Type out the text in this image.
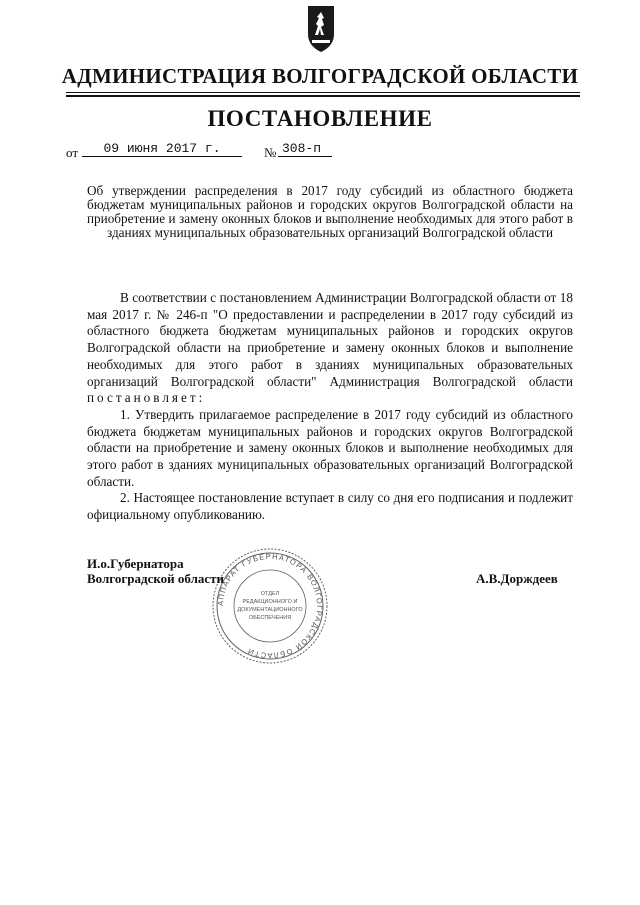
АДМИНИСТРАЦИЯ ВОЛГОГРАДСКОЙ ОБЛАСТИ
ПОСТАНОВЛЕНИЕ
от	09 июня 2017 г.	№ 308-п
Об утверждении распределения в 2017 году субсидий из областного бюджета бюджетам муниципальных районов и городских округов Волгоградской области на приобретение и замену оконных блоков и выполнение необходимых для этого работ в зданиях муниципальных образовательных организаций Волгоградской области

В соответствии с постановлением Администрации Волгоградской области от 18 мая 2017 г. № 246-п "О предоставлении и распределении в 2017 году субсидий из областного бюджета бюджетам муниципальных районов и городских округов Волгоградской области на приобретение и замену оконных блоков и выполнение необходимых для этого работ в зданиях муниципальных образовательных организаций Волгоградской области" Администрация Волгоградской области постановляет:

1. Утвердить прилагаемое распределение в 2017 году субсидий из областного бюджета бюджетам муниципальных районов и городских округов Волгоградской области на приобретение и замену оконных блоков и выполнение необходимых для этого работ в зданиях муниципальных образовательных организаций Волгоградской области.

2. Настоящее постановление вступает в силу со дня его подписания и подлежит официальному опубликованию.

АППАРАТ ГУБЕРНАТОРА ВОЛГОГРАДСКОЙ ОБЛАСТИ
ОТДЕЛ
РЕДАКЦИОННОГО И
ДОКУМЕНТАЦИОННОГО
ОБЕСПЕЧЕНИЯ
И.о.Губернатора
Волгоградской области	А.В.Дорждеев
